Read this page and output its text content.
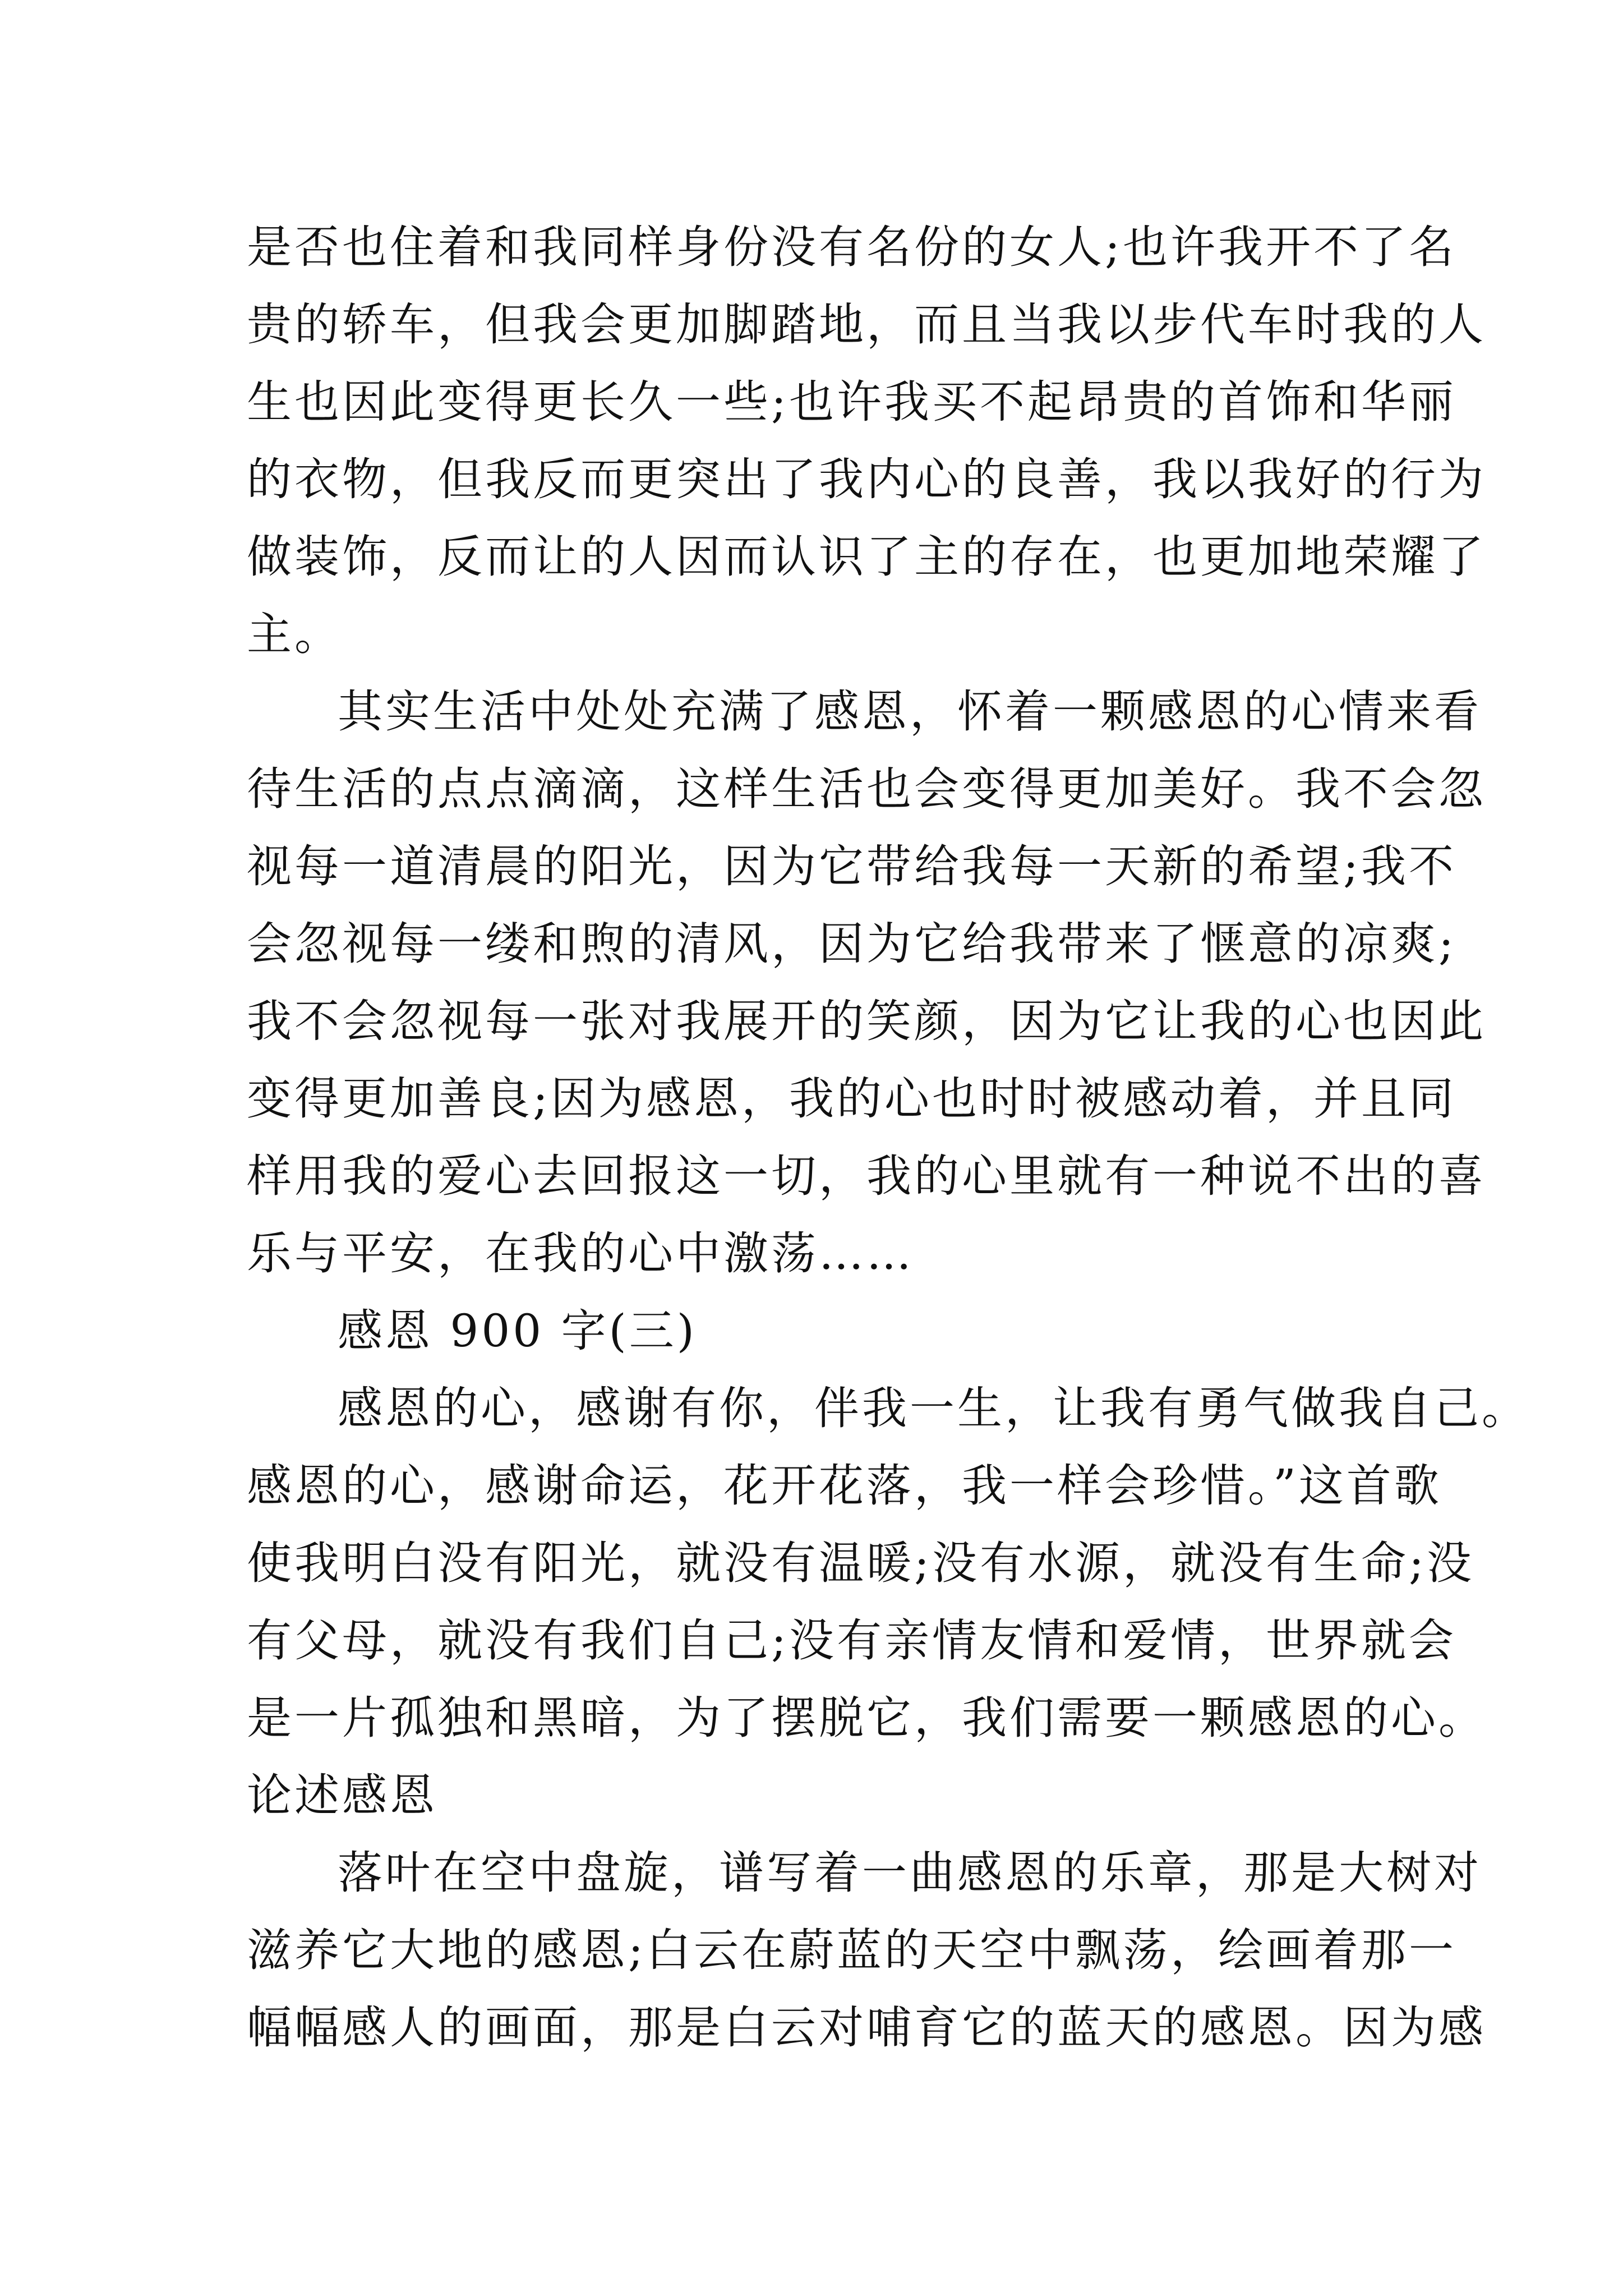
是否也住着和我同样身份没有名份的女人;也许我开不了名
贵的轿车，但我会更加脚踏地，而且当我以步代车时我的人
生也因此变得更长久一些;也许我买不起昂贵的首饰和华丽
的衣物，但我反而更突出了我内心的良善，我以我好的行为
做装饰，反而让的人因而认识了主的存在，也更加地荣耀了
主。
其实生活中处处充满了感恩，怀着一颗感恩的心情来看
待生活的点点滴滴，这样生活也会变得更加美好。我不会忽
视每一道清晨的阳光，因为它带给我每一天新的希望;我不
会忽视每一缕和煦的清风，因为它给我带来了惬意的凉爽;
我不会忽视每一张对我展开的笑颜，因为它让我的心也因此
变得更加善良;因为感恩，我的心也时时被感动着，并且同
样用我的爱心去回报这一切，我的心里就有一种说不出的喜
乐与平安，在我的心中激荡……
感恩 900 字(三)
感恩的心，感谢有你，伴我一生，让我有勇气做我自己。
感恩的心，感谢命运，花开花落，我一样会珍惜。”这首歌
使我明白没有阳光，就没有温暖;没有水源，就没有生命;没
有父母，就没有我们自己;没有亲情友情和爱情，世界就会
是一片孤独和黑暗，为了摆脱它，我们需要一颗感恩的心。
论述感恩
落叶在空中盘旋，谱写着一曲感恩的乐章，那是大树对
滋养它大地的感恩;白云在蔚蓝的天空中飘荡，绘画着那一
幅幅感人的画面，那是白云对哺育它的蓝天的感恩。因为感
